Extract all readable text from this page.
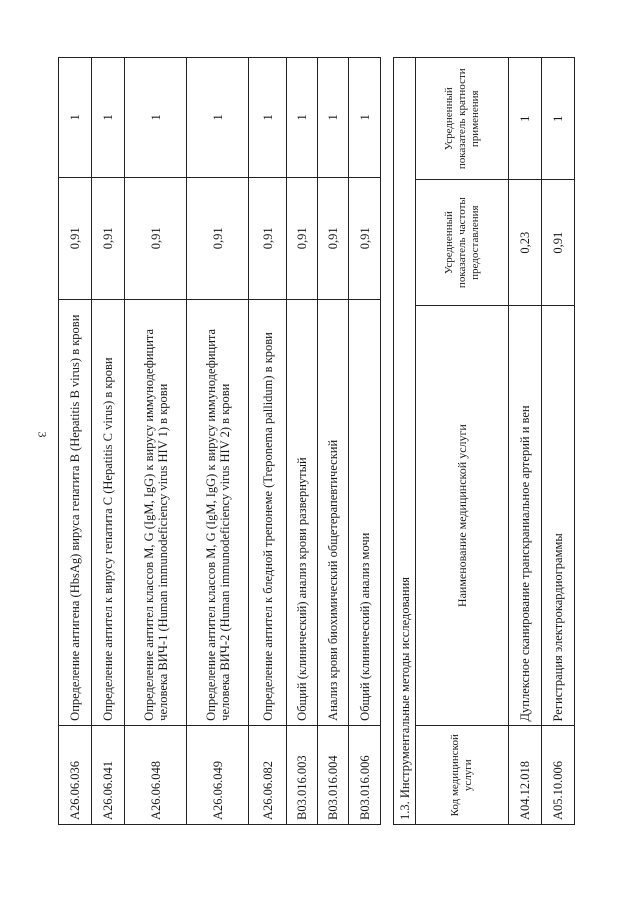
3
A26.06.036	Определение антигена (HbsAg) вируса гепатита В (Hepatitis B virus) в крови	0,91	1
A26.06.041	Определение антител к вирусу гепатита С (Hepatitis C virus) в крови	0,91	1
A26.06.048	Определение антител классов M, G (IgM, IgG) к вирусу иммунодефицита человека ВИЧ-1 (Human immunodeficiency virus HIV 1) в крови	0,91	1
A26.06.049	Определение антител классов M, G (IgM, IgG) к вирусу иммунодефицита человека ВИЧ-2 (Human immunodeficiency virus HIV 2) в крови	0,91	1
A26.06.082	Определение антител к бледной трепонеме (Treponema pallidum) в крови	0,91	1
B03.016.003	Общий (клинический) анализ крови развернутый	0,91	1
B03.016.004	Анализ крови биохимический общетерапевтический	0,91	1
B03.016.006	Общий (клинический) анализ мочи	0,91	1
1.3. Инструментальные методы исследования			
Код медицинской услуги	Наименование медицинской услуги	Усредненный показатель частоты предоставления	Усредненный показатель кратности применения
A04.12.018	Дуплексное сканирование транскраниальное артерий и вен	0,23	1
A05.10.006	Регистрация электрокардиограммы	0,91	1
